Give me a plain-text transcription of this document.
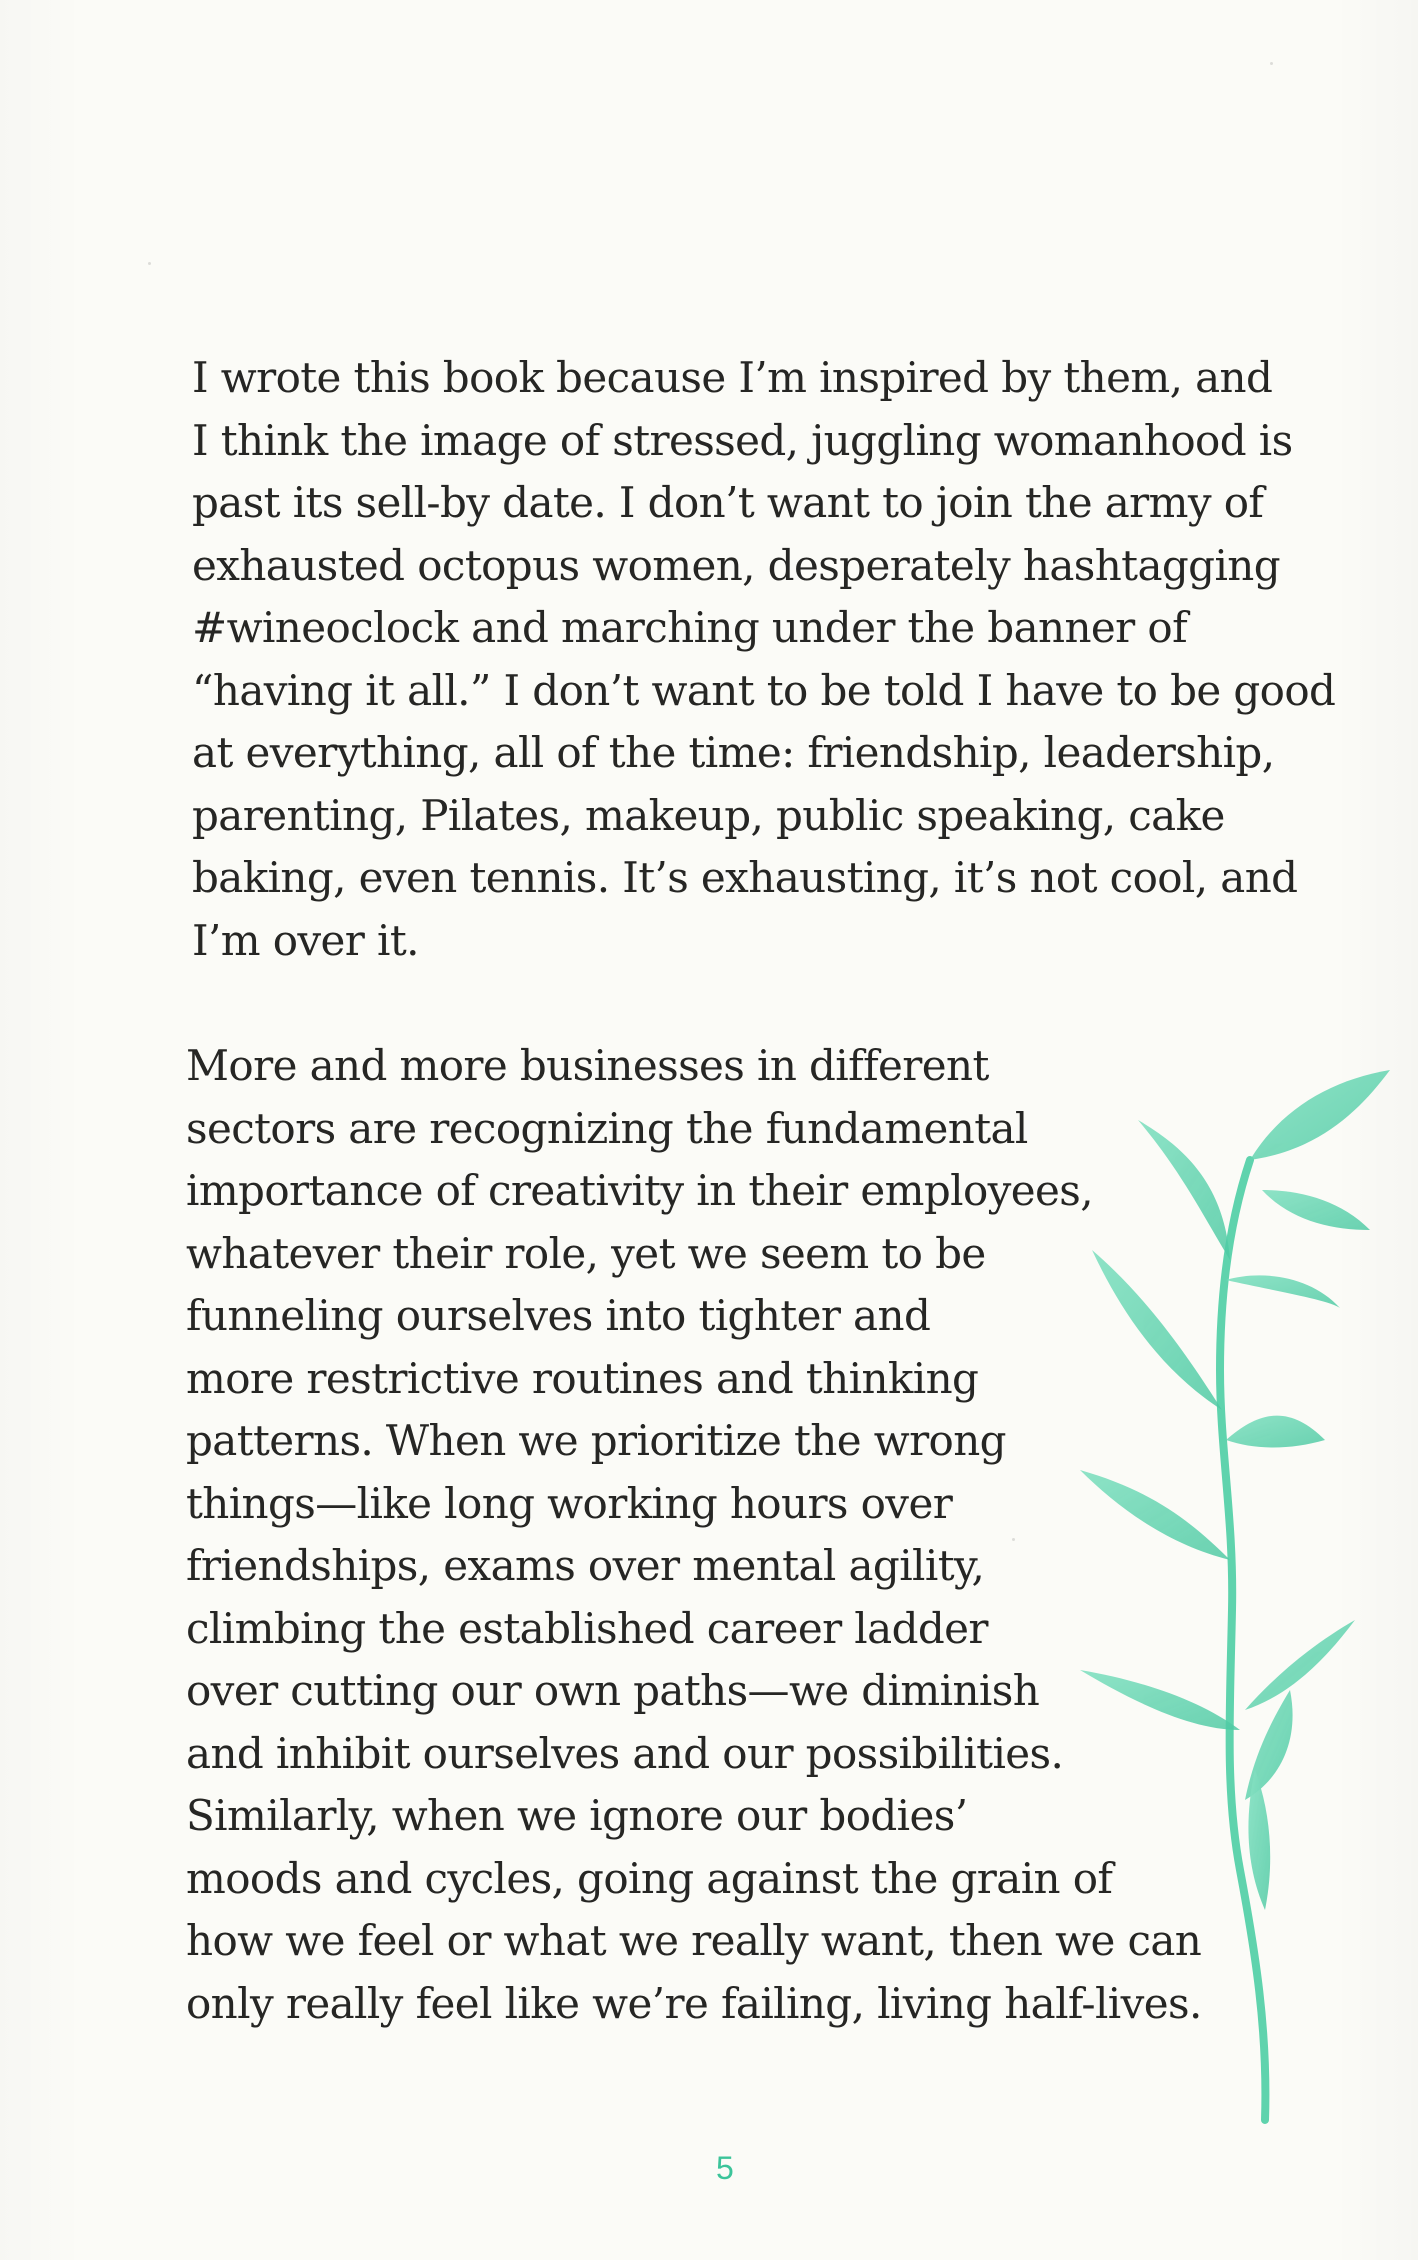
I wrote this book because I’m inspired by them, and
I think the image of stressed, juggling womanhood is
past its sell-by date. I don’t want to join the army of
exhausted octopus women, desperately hashtagging
#wineoclock and marching under the banner of
“having it all.” I don’t want to be told I have to be good
at everything, all of the time: friendship, leadership,
parenting, Pilates, makeup, public speaking, cake
baking, even tennis. It’s exhausting, it’s not cool, and
I’m over it.

More and more businesses in different
sectors are recognizing the fundamental
importance of creativity in their employees,
whatever their role, yet we seem to be
funneling ourselves into tighter and
more restrictive routines and thinking
patterns. When we prioritize the wrong
things—like long working hours over
friendships, exams over mental agility,
climbing the established career ladder
over cutting our own paths—we diminish
and inhibit ourselves and our possibilities.
Similarly, when we ignore our bodies’
moods and cycles, going against the grain of
how we feel or what we really want, then we can
only really feel like we’re failing, living half-lives.

5
